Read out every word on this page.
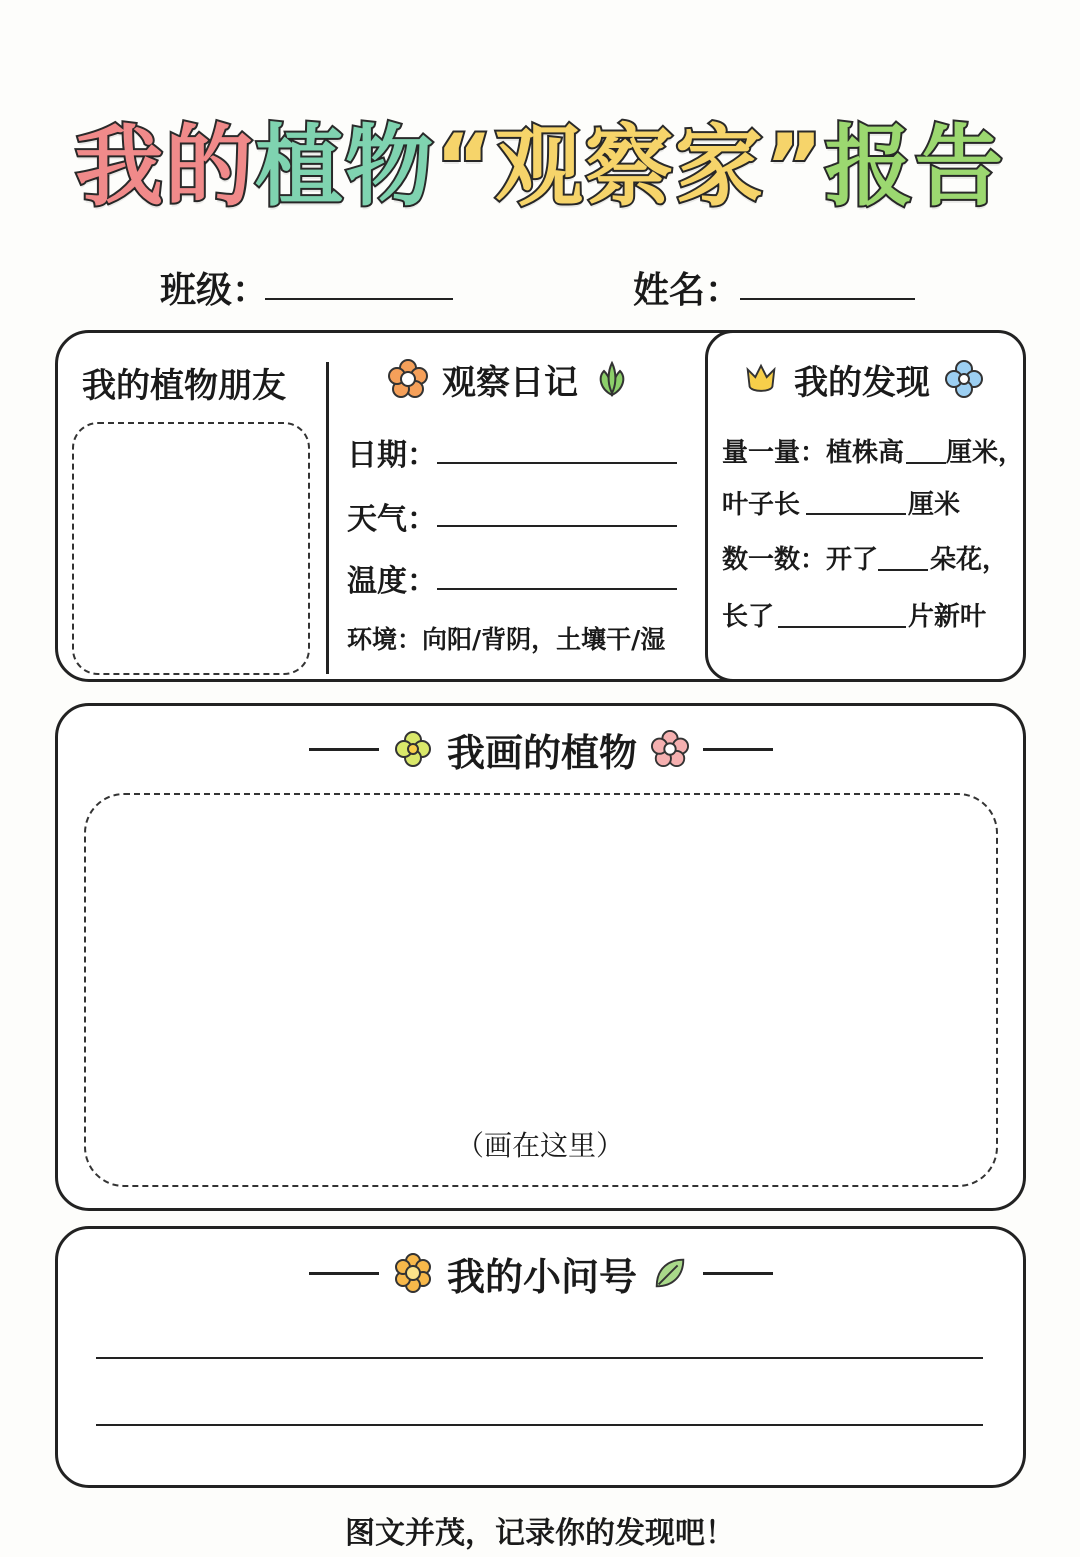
我的 植物 “观察家” 报告
班级：	姓名：
我的植物朋友	观察日记
日期：
天气：
温度：
环境：向阳/背阴，土壤干/湿
我的发现
量一量：植株高 厘米，
叶子长	厘米
数一数：开了 朵花，
长了	片新叶
我画的植物
（画在这里）
我的小问号
图文并茂，记录你的发现吧！
